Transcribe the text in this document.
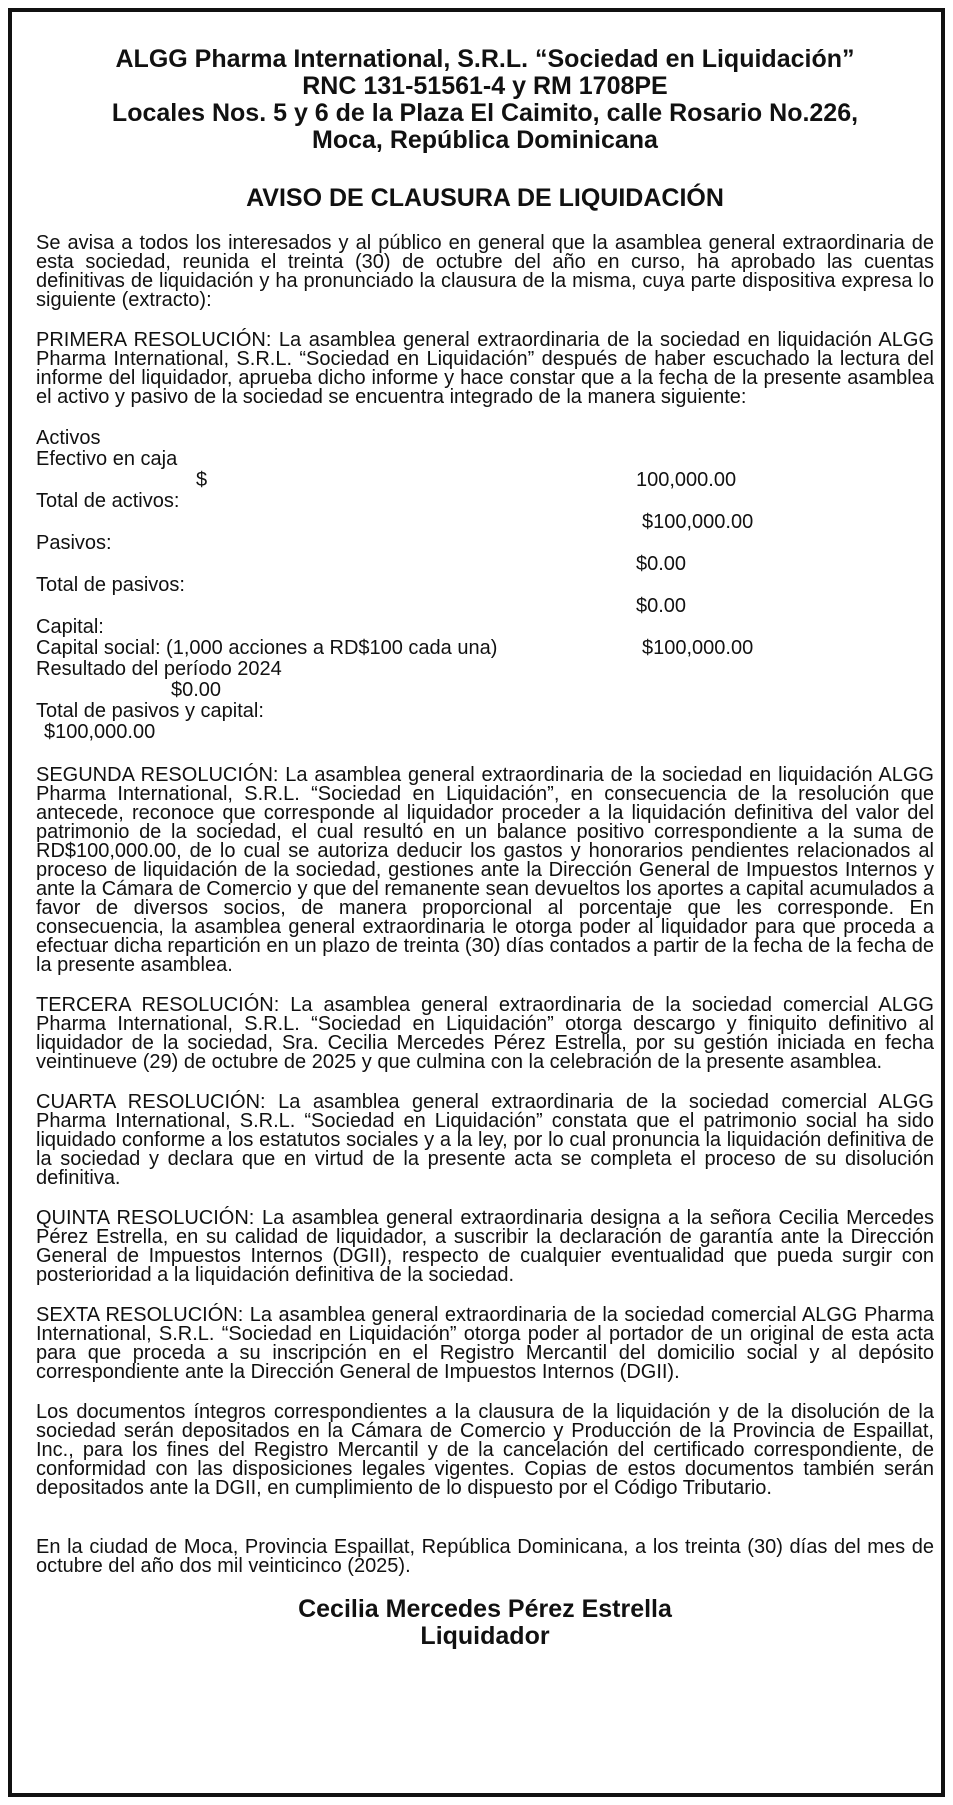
ALGG Pharma International, S.R.L. “Sociedad en Liquidación”

RNC 131-51561-4 y RM 1708PE

Locales Nos. 5 y 6 de la Plaza El Caimito, calle Rosario No.226,

Moca, República Dominicana

AVISO DE CLAUSURA DE LIQUIDACIÓN

Se avisa a todos los interesados y al público en general que la asamblea general extraordinaria de esta sociedad, reunida el treinta (30) de octubre del año en curso, ha aprobado las cuentas definitivas de liquidación y ha pronunciado la clausura de la misma, cuya parte dispositiva expresa lo siguiente (extracto):

PRIMERA RESOLUCIÓN: La asamblea general extraordinaria de la sociedad en liquidación ALGG Pharma International, S.R.L. “Sociedad en Liquidación” después de haber escuchado la lectura del informe del liquidador, aprueba dicho informe y hace constar que a la fecha de la presente asamblea el activo y pasivo de la sociedad se encuentra integrado de la manera siguiente:

Activos
Efectivo en caja
$	100,000.00
Total de activos:
$100,000.00
Pasivos:
$0.00
Total de pasivos:
$0.00
Capital:
Capital social: (1,000 acciones a RD$100 cada una)	$100,000.00
Resultado del período 2024
$0.00
Total de pasivos y capital:
$100,000.00

SEGUNDA RESOLUCIÓN: La asamblea general extraordinaria de la sociedad en liquidación ALGG Pharma International, S.R.L. “Sociedad en Liquidación”, en consecuencia de la resolución que antecede, reconoce que corresponde al liquidador proceder a la liquidación definitiva del valor del patrimonio de la sociedad, el cual resultó en un balance positivo correspondiente a la suma de RD$100,000.00, de lo cual se autoriza deducir los gastos y honorarios pendientes relacionados al proceso de liquidación de la sociedad, gestiones ante la Dirección General de Impuestos Internos y ante la Cámara de Comercio y que del remanente sean devueltos los aportes a capital acumulados a favor de diversos socios, de manera proporcional al porcentaje que les corresponde. En consecuencia, la asamblea general extraordinaria le otorga poder al liquidador para que proceda a efectuar dicha repartición en un plazo de treinta (30) días contados a partir de la fecha de la fecha de la presente asamblea.

TERCERA RESOLUCIÓN: La asamblea general extraordinaria de la sociedad comercial ALGG Pharma International, S.R.L. “Sociedad en Liquidación” otorga descargo y finiquito definitivo al liquidador de la sociedad, Sra. Cecilia Mercedes Pérez Estrella, por su gestión iniciada en fecha veintinueve (29) de octubre de 2025 y que culmina con la celebración de la presente asamblea.

CUARTA RESOLUCIÓN: La asamblea general extraordinaria de la sociedad comercial ALGG Pharma International, S.R.L. “Sociedad en Liquidación” constata que el patrimonio social ha sido liquidado conforme a los estatutos sociales y a la ley, por lo cual pronuncia la liquidación definitiva de la sociedad y declara que en virtud de la presente acta se completa el proceso de su disolución definitiva.

QUINTA RESOLUCIÓN: La asamblea general extraordinaria designa a la señora Cecilia Mercedes Pérez Estrella, en su calidad de liquidador, a suscribir la declaración de garantía ante la Dirección General de Impuestos Internos (DGII), respecto de cualquier eventualidad que pueda surgir con posterioridad a la liquidación definitiva de la sociedad.

SEXTA RESOLUCIÓN: La asamblea general extraordinaria de la sociedad comercial ALGG Pharma International, S.R.L. “Sociedad en Liquidación” otorga poder al portador de un original de esta acta para que proceda a su inscripción en el Registro Mercantil del domicilio social y al depósito correspondiente ante la Dirección General de Impuestos Internos (DGII).

Los documentos íntegros correspondientes a la clausura de la liquidación y de la disolución de la sociedad serán depositados en la Cámara de Comercio y Producción de la Provincia de Espaillat, Inc., para los fines del Registro Mercantil y de la cancelación del certificado correspondiente, de conformidad con las disposiciones legales vigentes. Copias de estos documentos también serán depositados ante la DGII, en cumplimiento de lo dispuesto por el Código Tributario.

En la ciudad de Moca, Provincia Espaillat, República Dominicana, a los treinta (30) días del mes de octubre del año dos mil veinticinco (2025).

Cecilia Mercedes Pérez Estrella

Liquidador
